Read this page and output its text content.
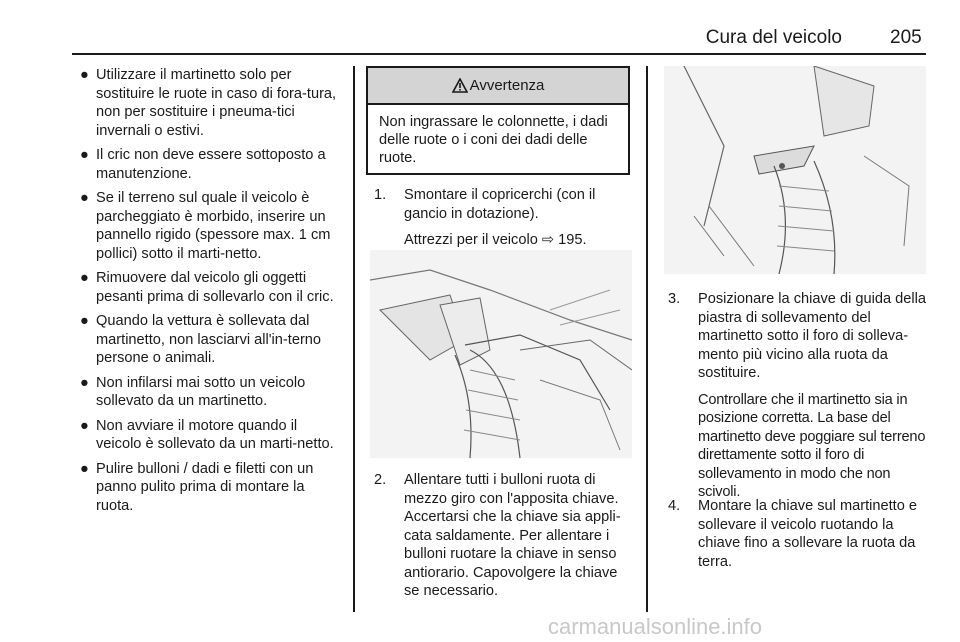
Cura del veicolo	205
● Utilizzare il martinetto solo per sostituire le ruote in caso di fora-tura, non per sostituire i pneuma-tici invernali o estivi.
● Il cric non deve essere sottoposto a manutenzione.
● Se il terreno sul quale il veicolo è parcheggiato è morbido, inserire un pannello rigido (spessore max. 1 cm pollici) sotto il marti-netto.
● Rimuovere dal veicolo gli oggetti pesanti prima di sollevarlo con il cric.
● Quando la vettura è sollevata dal martinetto, non lasciarvi all'in-terno persone o animali.
● Non infilarsi mai sotto un veicolo sollevato da un martinetto.
● Non avviare il motore quando il veicolo è sollevato da un marti-netto.
● Pulire bulloni / dadi e filetti con un panno pulito prima di montare la ruota.
Avvertenza
Non ingrassare le colonnette, i dadi delle ruote o i coni dei dadi delle ruote.
1.	Smontare il copricerchi (con il gancio in dotazione).
Attrezzi per il veicolo ⇨ 195.
2.	Allentare tutti i bulloni ruota di mezzo giro con l'apposita chiave. Accertarsi che la chiave sia appli-cata saldamente. Per allentare i bulloni ruotare la chiave in senso antiorario. Capovolgere la chiave se necessario.
3.	Posizionare la chiave di guida della piastra di sollevamento del martinetto sotto il foro di solleva-mento più vicino alla ruota da sostituire.
Controllare che il martinetto sia in posizione corretta. La base del martinetto deve poggiare sul terreno direttamente sotto il foro di sollevamento in modo che non scivoli.
4.	Montare la chiave sul martinetto e sollevare il veicolo ruotando la chiave fino a sollevare la ruota da terra.
carmanualsonline.info
